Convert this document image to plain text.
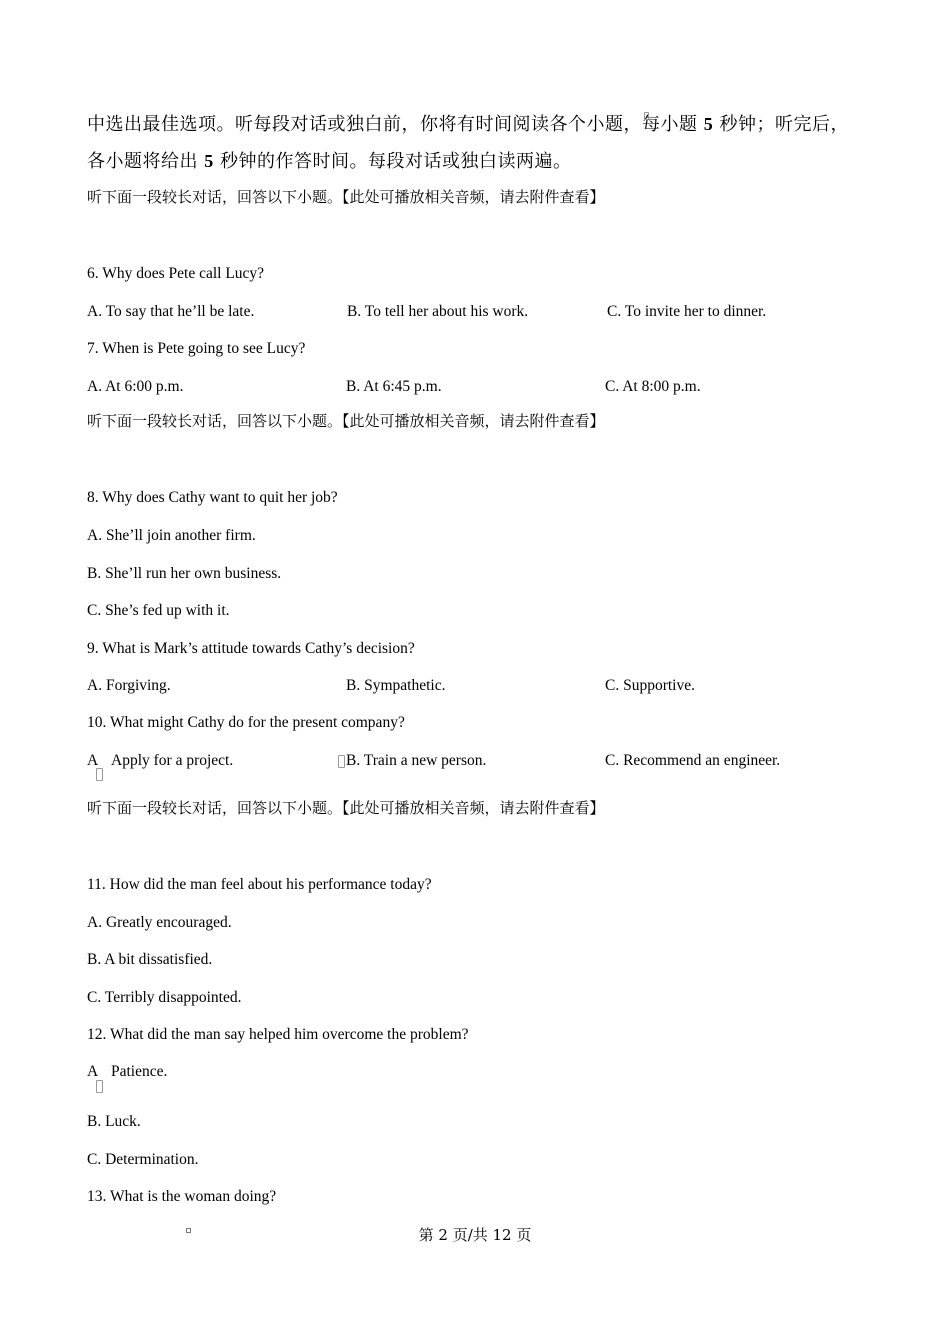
中选出最佳选项。听每段对话或独白前，你将有时间阅读各个小题，每小题 5 秒钟；听完后，
各小题将给出 5 秒钟的作答时间。每段对话或独白读两遍。
听下面一段较长对话，回答以下小题。【此处可播放相关音频，请去附件查看】
6. Why does Pete call Lucy?
A. To say that he’ll be late.	B. To tell her about his work.	C. To invite her to dinner.
7. When is Pete going to see Lucy?
A. At 6:00 p.m.	B. At 6:45 p.m.	C. At 8:00 p.m.
听下面一段较长对话，回答以下小题。【此处可播放相关音频，请去附件查看】
8. Why does Cathy want to quit her job?
A. She’ll join another firm.
B. She’ll run her own business.
C. She’s fed up with it.
9. What is Mark’s attitude towards Cathy’s decision?
A. Forgiving.	B. Sympathetic.	C. Supportive.
10. What might Cathy do for the present company?
A Apply for a project.	B. Train a new person.	C. Recommend an engineer.
听下面一段较长对话，回答以下小题。【此处可播放相关音频，请去附件查看】
11. How did the man feel about his performance today?
A. Greatly encouraged.
B. A bit dissatisfied.
C. Terribly disappointed.
12. What did the man say helped him overcome the problem?
A Patience.
B. Luck.
C. Determination.
13. What is the woman doing?
第 2 页/共 12 页
